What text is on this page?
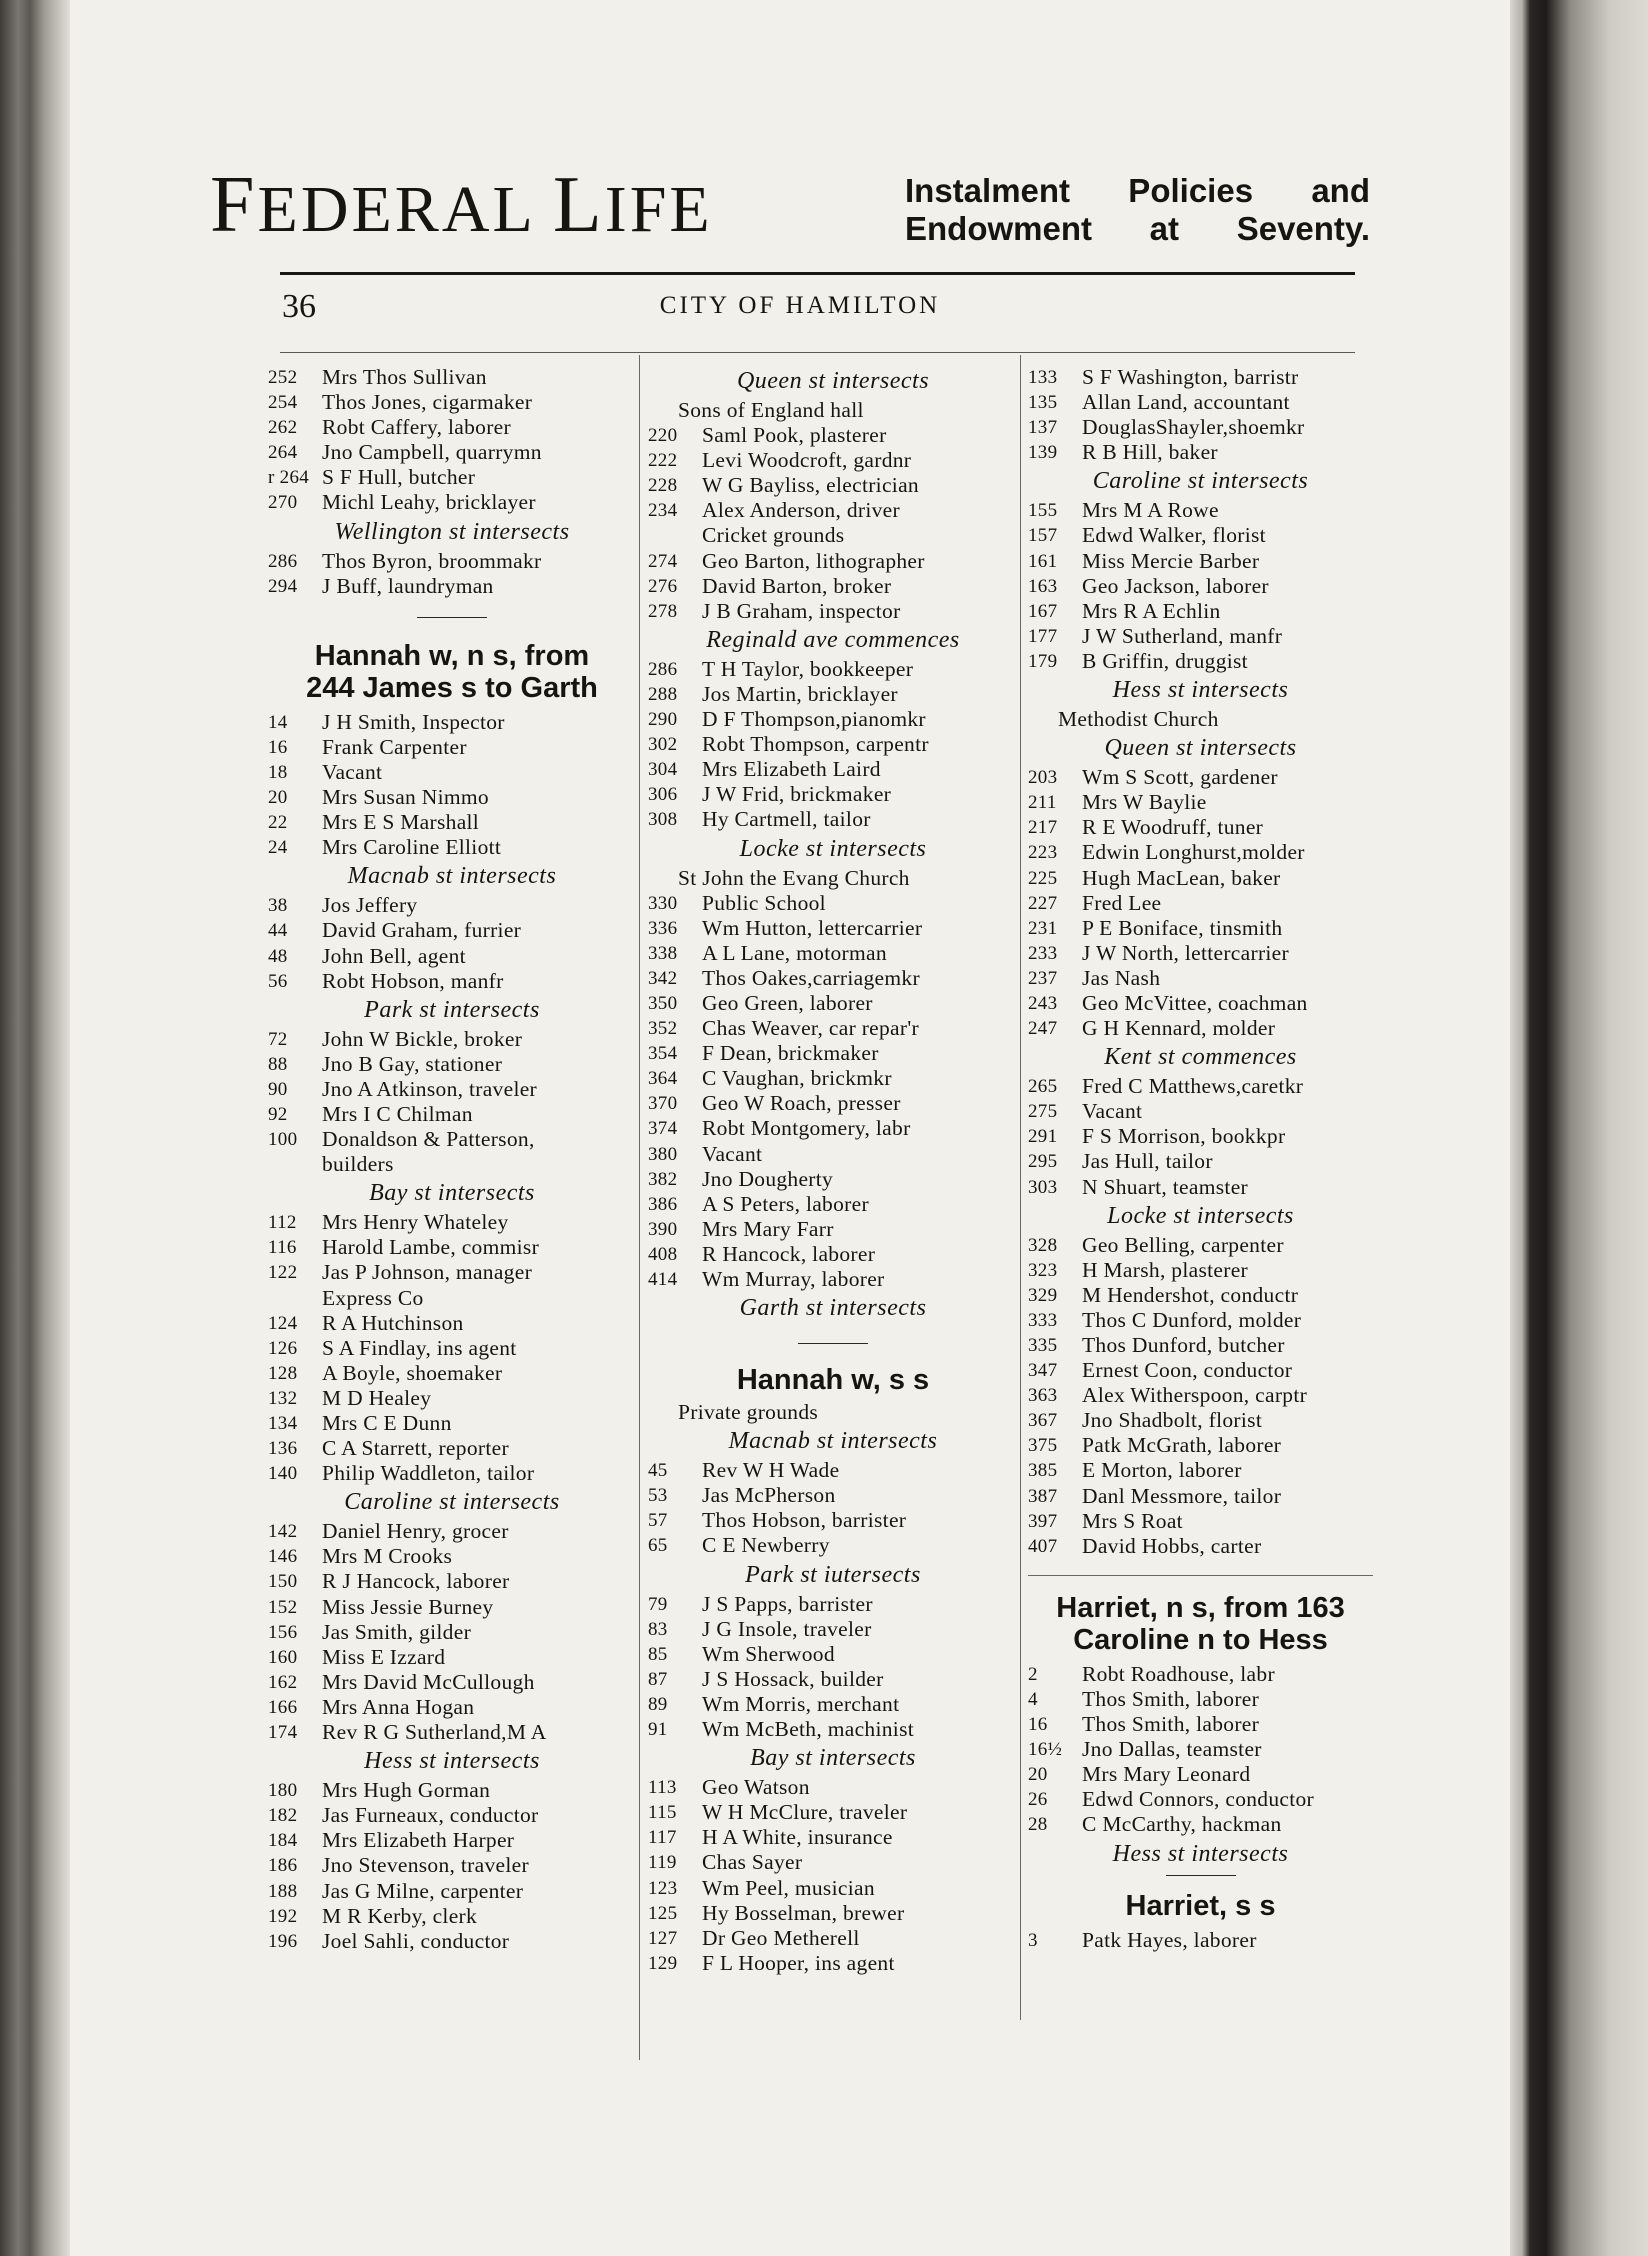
FEDERAL LIFE	Instalment Policies and
Endowment at Seventy.
36	CITY OF HAMILTON
252	Mrs Thos Sullivan
254	Thos Jones, cigarmaker
262	Robt Caffery, laborer
264	Jno Campbell, quarrymn
r 264 S F Hull, butcher
270	Michl Leahy, bricklayer
Wellington st intersects
286	Thos Byron, broommakr
294	J Buff, laundryman
Hannah w, n s, from
244 James s to Garth
14	J H Smith, Inspector
16	Frank Carpenter
18	Vacant
20	Mrs Susan Nimmo
22	Mrs E S Marshall
24	Mrs Caroline Elliott
Macnab st intersects
38	Jos Jeffery
44	David Graham, furrier
48	John Bell, agent
56	Robt Hobson, manfr
Park st intersects
72	John W Bickle, broker
88	Jno B Gay, stationer
90	Jno A Atkinson, traveler
92	Mrs I C Chilman
100	Donaldson & Patterson,
builders
Bay st intersects
112	Mrs Henry Whateley
116	Harold Lambe, commisr
122	Jas P Johnson, manager
Express Co
124	R A Hutchinson
126	S A Findlay, ins agent
128	A Boyle, shoemaker
132	M D Healey
134	Mrs C E Dunn
136	C A Starrett, reporter
140	Philip Waddleton, tailor
Caroline st intersects
142	Daniel Henry, grocer
146	Mrs M Crooks
150	R J Hancock, laborer
152	Miss Jessie Burney
156	Jas Smith, gilder
160	Miss E Izzard
162	Mrs David McCullough
166	Mrs Anna Hogan
174	Rev R G Sutherland,M A
Hess st intersects
180	Mrs Hugh Gorman
182	Jas Furneaux, conductor
184	Mrs Elizabeth Harper
186	Jno Stevenson, traveler
188	Jas G Milne, carpenter
192	M R Kerby, clerk
196	Joel Sahli, conductor
Queen st intersects
Sons of England hall
220	Saml Pook, plasterer
222	Levi Woodcroft, gardnr
228	W G Bayliss, electrician
234	Alex Anderson, driver
Cricket grounds
274	Geo Barton, lithographer
276	David Barton, broker
278	J B Graham, inspector
Reginald ave commences
286	T H Taylor, bookkeeper
288	Jos Martin, bricklayer
290	D F Thompson,pianomkr
302	Robt Thompson, carpentr
304	Mrs Elizabeth Laird
306	J W Frid, brickmaker
308	Hy Cartmell, tailor
Locke st intersects
St John the Evang Church
330	Public School
336	Wm Hutton, lettercarrier
338	A L Lane, motorman
342	Thos Oakes,carriagemkr
350	Geo Green, laborer
352	Chas Weaver, car repar'r
354	F Dean, brickmaker
364	C Vaughan, brickmkr
370	Geo W Roach, presser
374	Robt Montgomery, labr
380	Vacant
382	Jno Dougherty
386	A S Peters, laborer
390	Mrs Mary Farr
408	R Hancock, laborer
414	Wm Murray, laborer
Garth st intersects
Hannah w, s s
Private grounds
Macnab st intersects
45	Rev W H Wade
53	Jas McPherson
57	Thos Hobson, barrister
65	C E Newberry
Park st iutersects
79	J S Papps, barrister
83	J G Insole, traveler
85	Wm Sherwood
87	J S Hossack, builder
89	Wm Morris, merchant
91	Wm McBeth, machinist
Bay st intersects
113	Geo Watson
115	W H McClure, traveler
117	H A White, insurance
119	Chas Sayer
123	Wm Peel, musician
125	Hy Bosselman, brewer
127	Dr Geo Metherell
129	F L Hooper, ins agent
133	S F Washington, barristr
135	Allan Land, accountant
137	DouglasShayler,shoemkr
139	R B Hill, baker
Caroline st intersects
155	Mrs M A Rowe
157	Edwd Walker, florist
161	Miss Mercie Barber
163	Geo Jackson, laborer
167	Mrs R A Echlin
177	J W Sutherland, manfr
179	B Griffin, druggist
Hess st intersects
Methodist Church
Queen st intersects
203	Wm S Scott, gardener
211	Mrs W Baylie
217	R E Woodruff, tuner
223	Edwin Longhurst,molder
225	Hugh MacLean, baker
227	Fred Lee
231	P E Boniface, tinsmith
233	J W North, lettercarrier
237	Jas Nash
243	Geo McVittee, coachman
247	G H Kennard, molder
Kent st commences
265	Fred C Matthews,caretkr
275	Vacant
291	F S Morrison, bookkpr
295	Jas Hull, tailor
303	N Shuart, teamster
Locke st intersects
328	Geo Belling, carpenter
323	H Marsh, plasterer
329	M Hendershot, conductr
333	Thos C Dunford, molder
335	Thos Dunford, butcher
347	Ernest Coon, conductor
363	Alex Witherspoon, carptr
367	Jno Shadbolt, florist
375	Patk McGrath, laborer
385	E Morton, laborer
387	Danl Messmore, tailor
397	Mrs S Roat
407	David Hobbs, carter
Harriet, n s, from 163
Caroline n to Hess
2	Robt Roadhouse, labr
4	Thos Smith, laborer
16	Thos Smith, laborer
16½ Jno Dallas, teamster
20	Mrs Mary Leonard
26	Edwd Connors, conductor
28	C McCarthy, hackman
Hess st intersects
Harriet, s s
3	Patk Hayes, laborer
